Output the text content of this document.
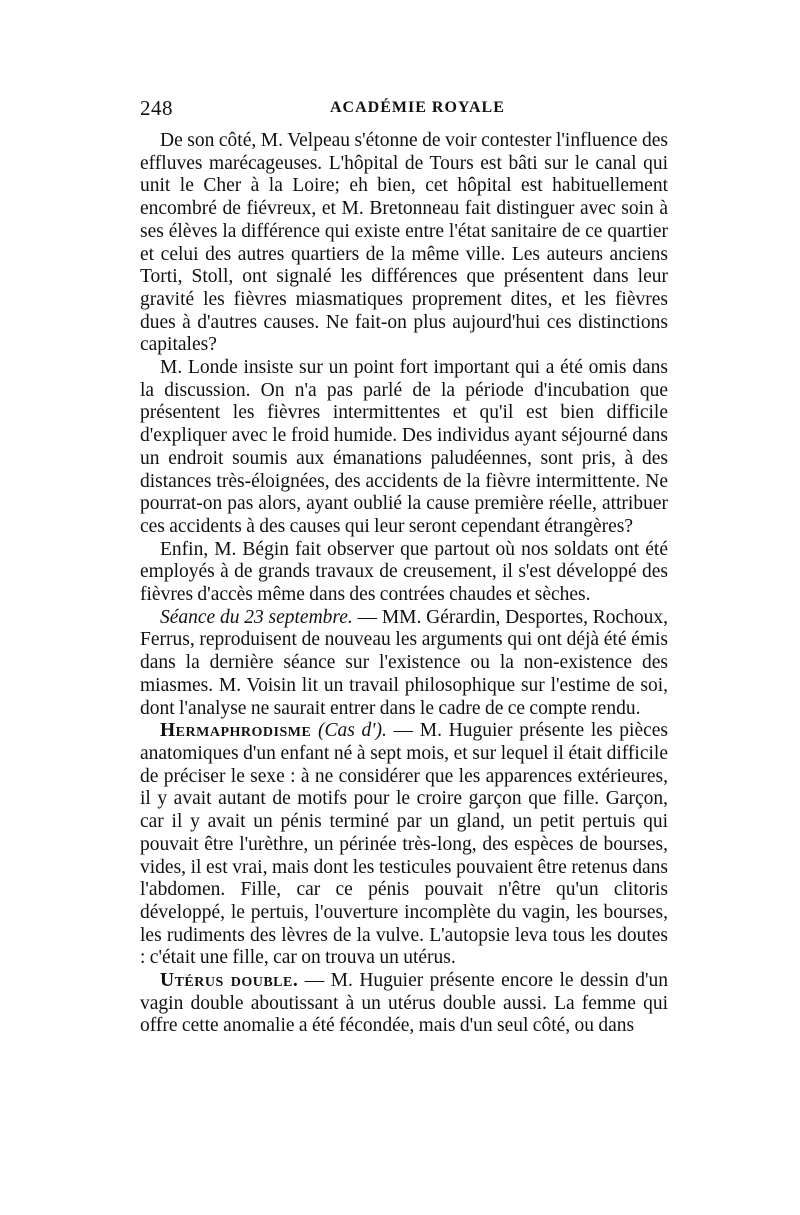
248	ACADÉMIE ROYALE

De son côté, M. Velpeau s'étonne de voir contester l'influence des effluves marécageuses. L'hôpital de Tours est bâti sur le canal qui unit le Cher à la Loire; eh bien, cet hôpital est habituellement encombré de fiévreux, et M. Bretonneau fait distinguer avec soin à ses élèves la différence qui existe entre l'état sanitaire de ce quartier et celui des autres quartiers de la même ville. Les auteurs anciens Torti, Stoll, ont signalé les différences que présentent dans leur gravité les fièvres miasmatiques proprement dites, et les fièvres dues à d'autres causes. Ne fait-on plus aujourd'hui ces distinctions capitales?

M. Londe insiste sur un point fort important qui a été omis dans la discussion. On n'a pas parlé de la période d'incubation que présentent les fièvres intermittentes et qu'il est bien difficile d'expliquer avec le froid humide. Des individus ayant séjourné dans un endroit soumis aux émanations paludéennes, sont pris, à des distances très-éloignées, des accidents de la fièvre intermittente. Ne pourrat-on pas alors, ayant oublié la cause première réelle, attribuer ces accidents à des causes qui leur seront cependant étrangères?

Enfin, M. Bégin fait observer que partout où nos soldats ont été employés à de grands travaux de creusement, il s'est développé des fièvres d'accès même dans des contrées chaudes et sèches.

Séance du 23 septembre. — MM. Gérardin, Desportes, Rochoux, Ferrus, reproduisent de nouveau les arguments qui ont déjà été émis dans la dernière séance sur l'existence ou la non-existence des miasmes. M. Voisin lit un travail philosophique sur l'estime de soi, dont l'analyse ne saurait entrer dans le cadre de ce compte rendu.

Hermaphrodisme (Cas d'). — M. Huguier présente les pièces anatomiques d'un enfant né à sept mois, et sur lequel il était difficile de préciser le sexe : à ne considérer que les apparences extérieures, il y avait autant de motifs pour le croire garçon que fille. Garçon, car il y avait un pénis terminé par un gland, un petit pertuis qui pouvait être l'urèthre, un périnée très-long, des espèces de bourses, vides, il est vrai, mais dont les testicules pouvaient être retenus dans l'abdomen. Fille, car ce pénis pouvait n'être qu'un clitoris développé, le pertuis, l'ouverture incomplète du vagin, les bourses, les rudiments des lèvres de la vulve. L'autopsie leva tous les doutes : c'était une fille, car on trouva un utérus.

Utérus double. — M. Huguier présente encore le dessin d'un vagin double aboutissant à un utérus double aussi. La femme qui offre cette anomalie a été fécondée, mais d'un seul côté, ou dans
